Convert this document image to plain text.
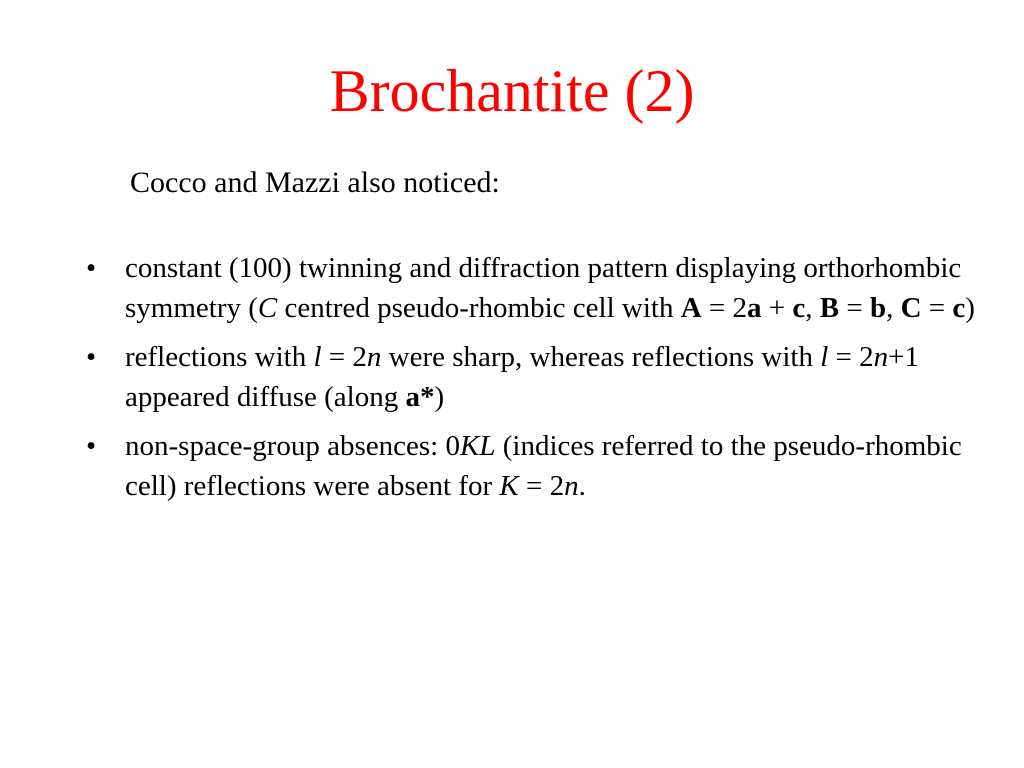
Brochantite (2)

Cocco and Mazzi also noticed:

• constant (100) twinning and diffraction pattern displaying orthorhombic symmetry (C centred pseudo-rhombic cell with A = 2a + c, B = b, C = c)
• reflections with l = 2n were sharp, whereas reflections with l = 2n+1 appeared diffuse (along a*)
• non-space-group absences: 0KL (indices referred to the pseudo-rhombic cell) reflections were absent for K = 2n.
